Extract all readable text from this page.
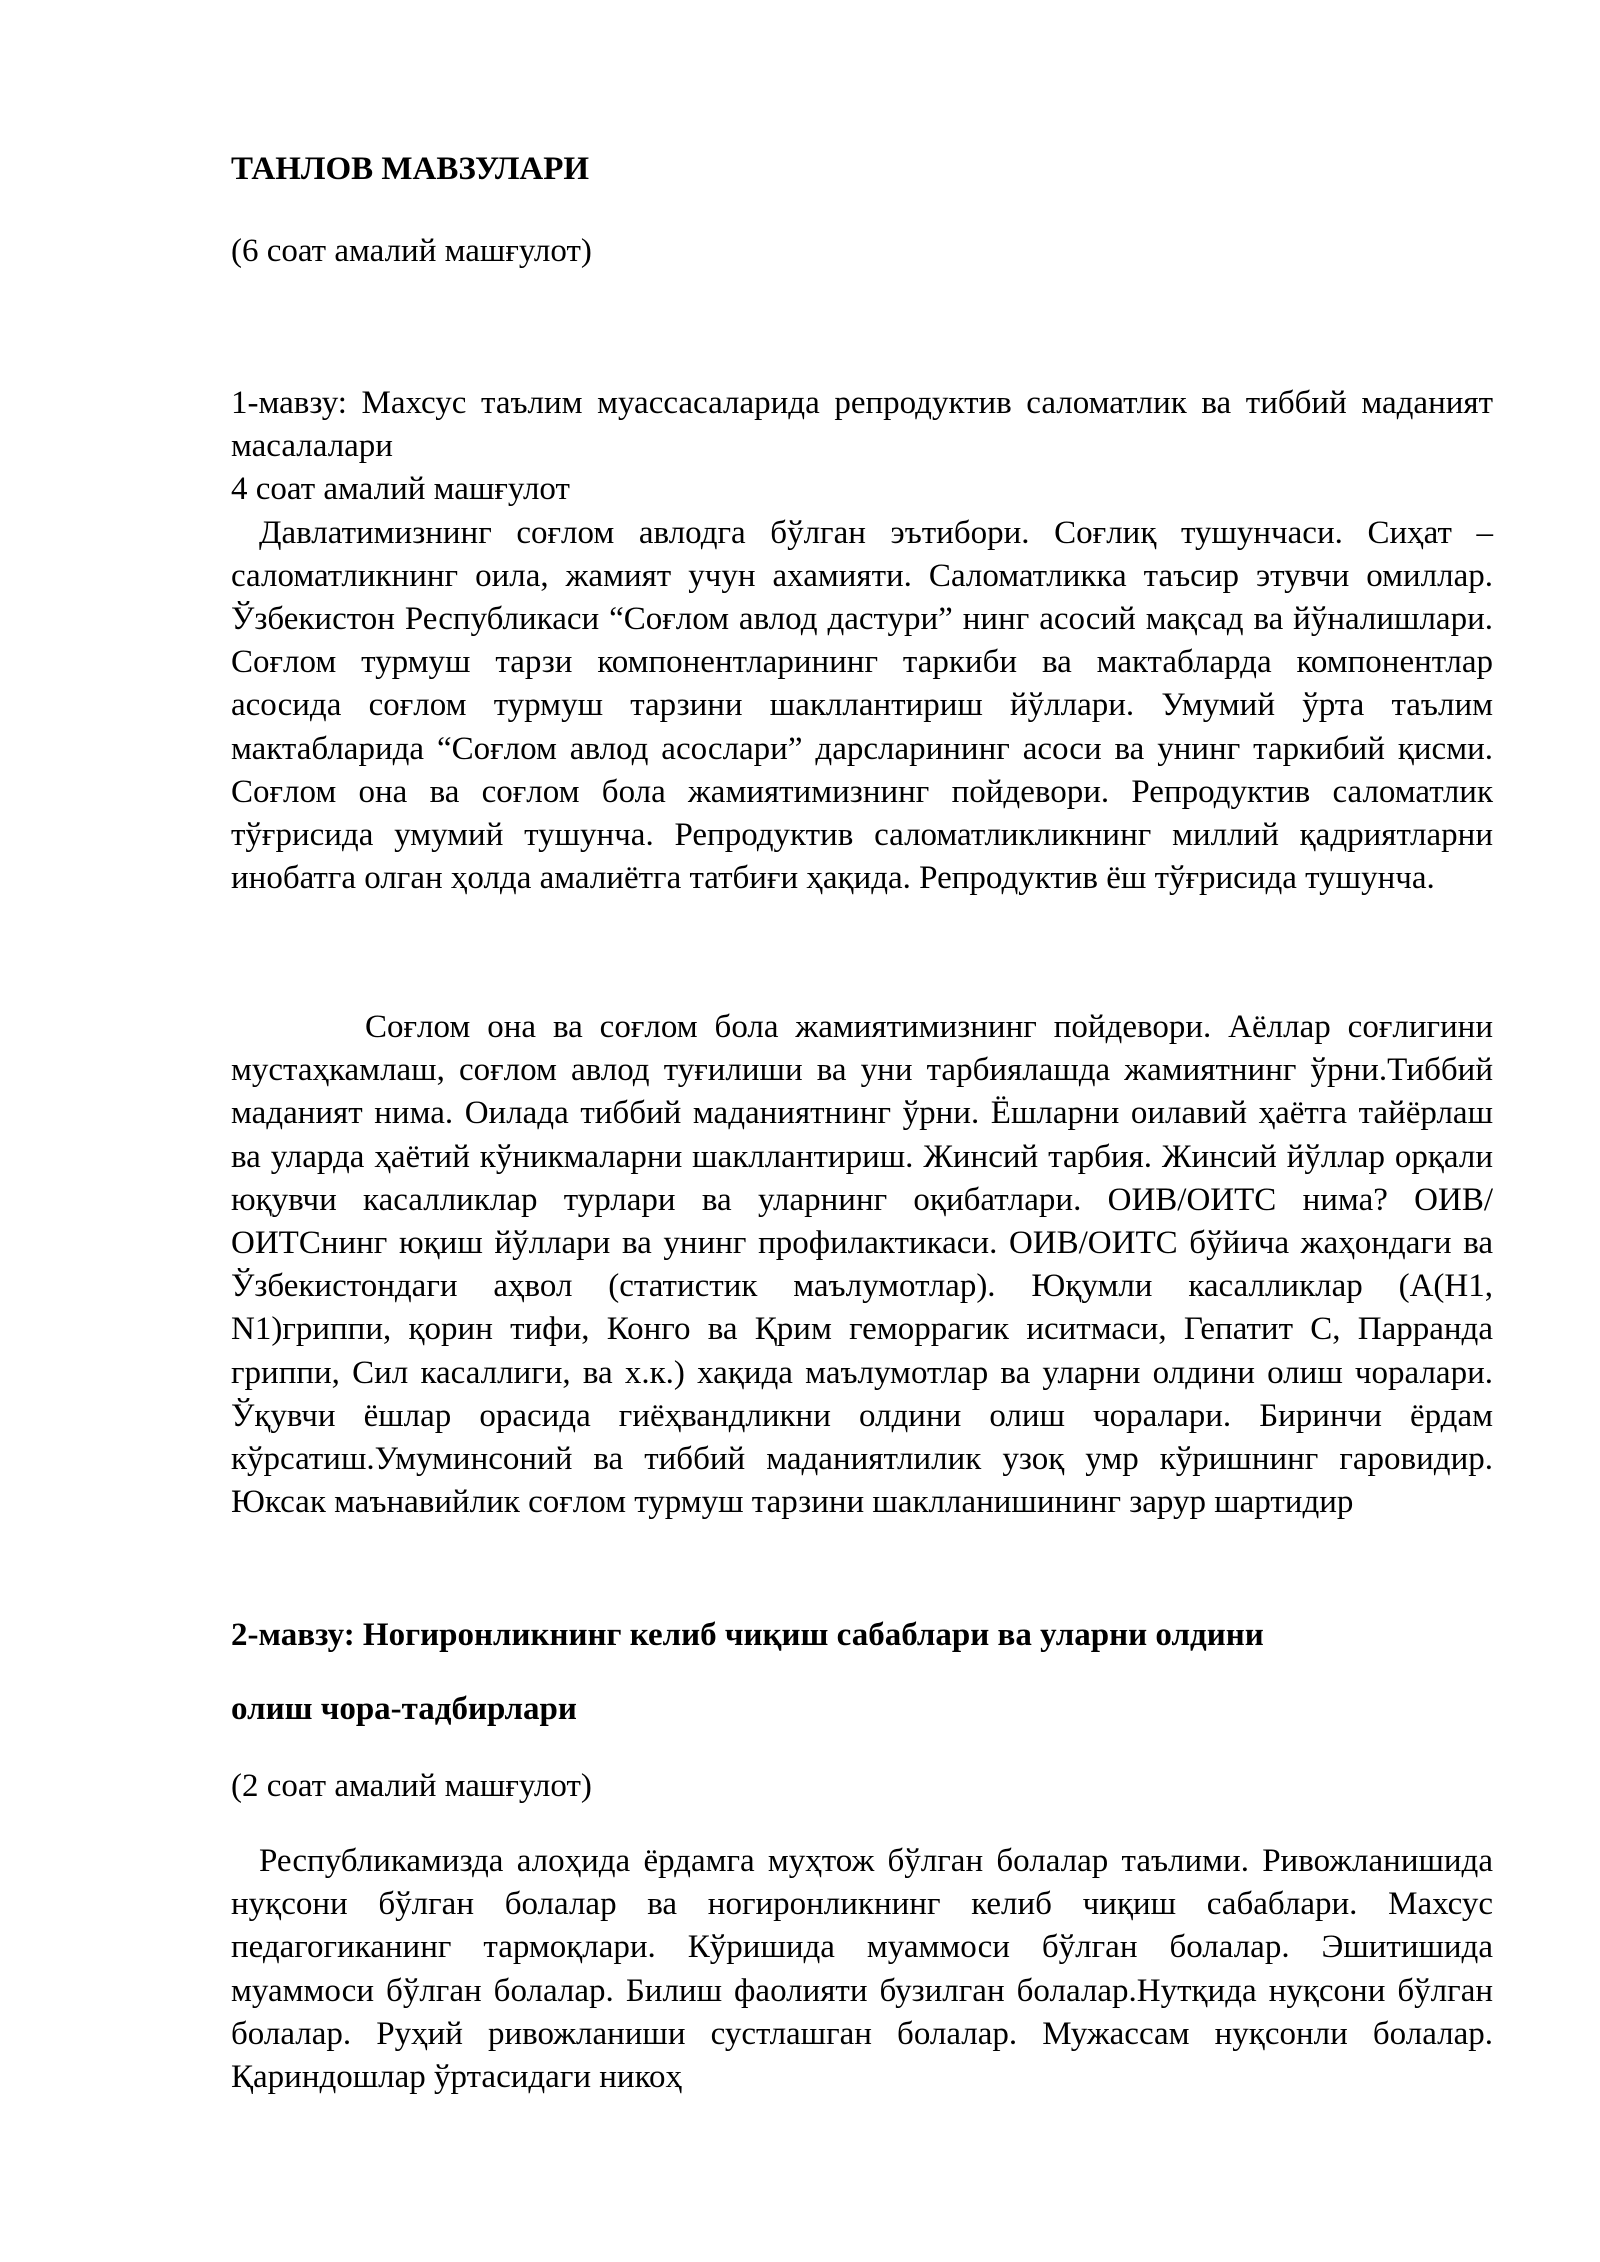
ТАНЛОВ МАВЗУЛАРИ

(6 соат амалий машғулот)

1-мавзу: Махсус таълим муассасаларида репродуктив саломатлик ва тиббий маданият масалалари

4 соат амалий машғулот

Давлатимизнинг соғлом авлодга бўлган эътибори. Соғлиқ тушунчаси. Сиҳат –саломатликнинг оила, жамият учун ахамияти. Саломатликка таъсир этувчи омиллар. Ўзбекистон Республикаси “Соғлом авлод дастури” нинг асосий мақсад ва йўналишлари. Соғлом турмуш тарзи компонентларининг таркиби ва мактабларда компонентлар асосида соғлом турмуш тарзини шакллантириш йўллари. Умумий ўрта таълим мактабларида “Соғлом авлод асослари” дарсларининг асоси ва унинг таркибий қисми. Соғлом она ва соғлом бола жамиятимизнинг пойдевори. Репродуктив саломатлик тўғрисида умумий тушунча. Репродуктив саломатликликнинг миллий қадриятларни инобатга олган ҳолда амалиётга татбиғи ҳақида. Репродуктив ёш тўғрисида тушунча.

Соғлом она ва соғлом бола жамиятимизнинг пойдевори. Аёллар соғлигини мустаҳкамлаш, соғлом авлод туғилиши ва уни тарбиялашда жамиятнинг ўрни.Тиббий маданият нима. Оилада тиббий маданиятнинг ўрни. Ёшларни оилавий ҳаётга тайёрлаш ва уларда ҳаётий кўникмаларни шакллантириш. Жинсий тарбия. Жинсий йўллар орқали юқувчи касалликлар турлари ва уларнинг оқибатлари. ОИВ/ОИТС нима? ОИВ/ОИТСнинг юқиш йўллари ва унинг профилактикаси. ОИВ/ОИТС бўйича жаҳондаги ва Ўзбекистондаги аҳвол (статистик маълумотлар). Юқумли касалликлар (А(Н1, N1)гриппи, қорин тифи, Конго ва Қрим геморрагик иситмаси, Гепатит С, Парранда гриппи, Сил касаллиги, ва х.к.) хақида маълумотлар ва уларни олдини олиш чоралари. Ўқувчи ёшлар орасида гиёҳвандликни олдини олиш чоралари. Биринчи ёрдам кўрсатиш.Умуминсоний ва тиббий маданиятлилик узоқ умр кўришнинг гаровидир. Юксак маънавийлик соғлом турмуш тарзини шаклланишининг зарур шартидир

2-мавзу: Ногиронликнинг келиб чиқиш сабаблари ва уларни олдини

олиш чора-тадбирлари

(2 соат амалий машғулот)

Республикамизда алоҳида ёрдамга муҳтож бўлган болалар таълими. Ривожланишида нуқсони бўлган болалар ва ногиронликнинг келиб чиқиш сабаблари. Махсус педагогиканинг тармоқлари. Кўришида муаммоси бўлган болалар. Эшитишида муаммоси бўлган болалар. Билиш фаолияти бузилган болалар.Нутқида нуқсони бўлган болалар. Руҳий ривожланиши сустлашган болалар. Мужассам нуқсонли болалар. Қариндошлар ўртасидаги никоҳ
